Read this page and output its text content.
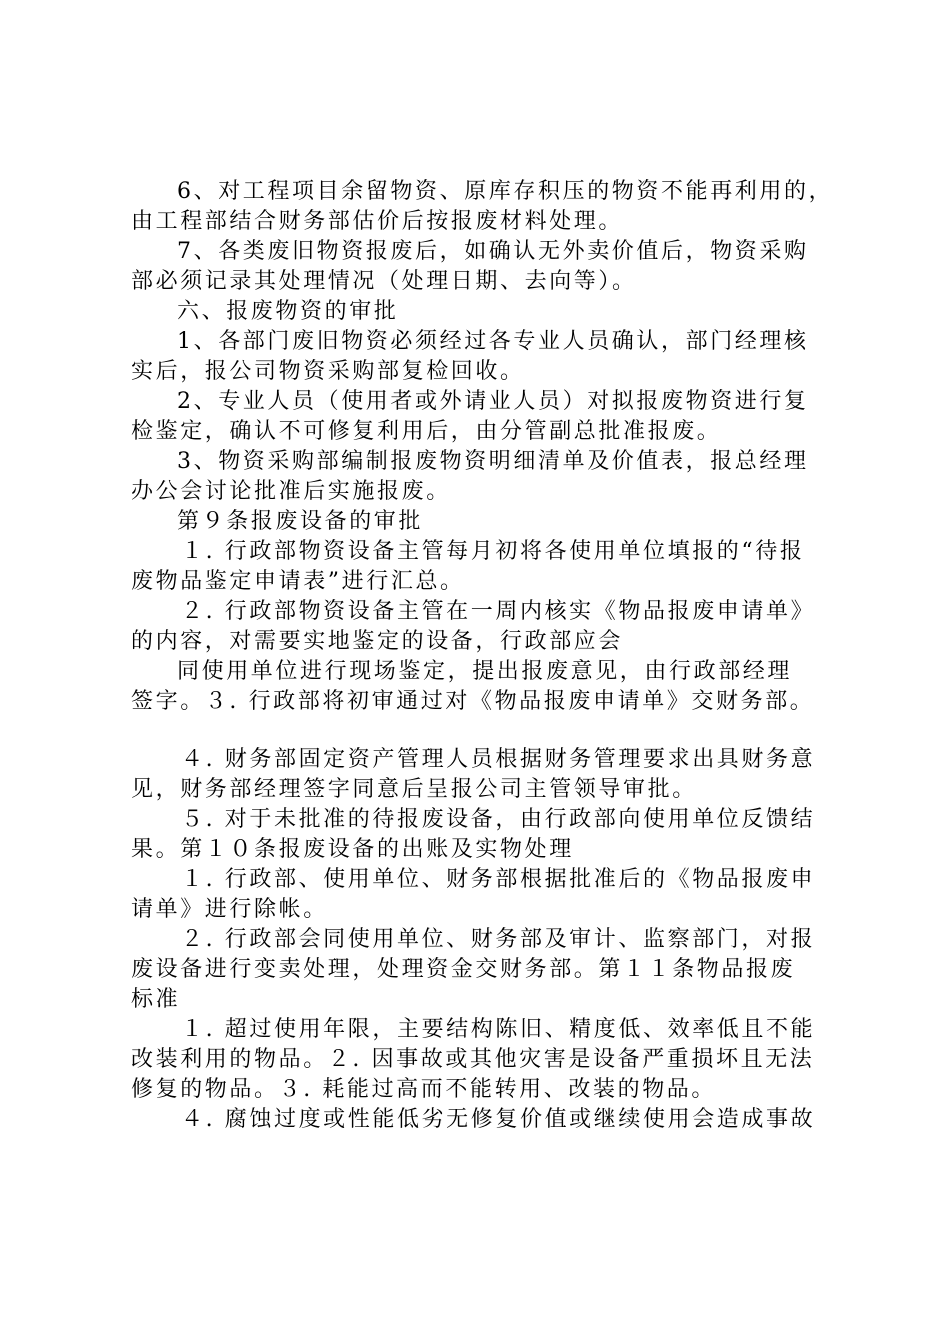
6、对工程项目余留物资、原库存积压的物资不能再利用的，
由工程部结合财务部估价后按报废材料处理。
7、各类废旧物资报废后，如确认无外卖价值后，物资采购
部必须记录其处理情况（处理日期、去向等）。
六、报废物资的审批
1、各部门废旧物资必须经过各专业人员确认，部门经理核
实后，报公司物资采购部复检回收。
2、专业人员（使用者或外请业人员）对拟报废物资进行复
检鉴定，确认不可修复利用后，由分管副总批准报废。
3、物资采购部编制报废物资明细清单及价值表，报总经理
办公会讨论批准后实施报废。
第９条报废设备的审批
１. 行政部物资设备主管每月初将各使用单位填报的“待报
废物品鉴定申请表”进行汇总。
２. 行政部物资设备主管在一周内核实《物品报废申请单》
的内容，对需要实地鉴定的设备，行政部应会
同使用单位进行现场鉴定，提出报废意见，由行政部经理
签字。３. 行政部将初审通过对《物品报废申请单》交财务部。
４. 财务部固定资产管理人员根据财务管理要求出具财务意
见，财务部经理签字同意后呈报公司主管领导审批。
５. 对于未批准的待报废设备，由行政部向使用单位反馈结
果。第１０条报废设备的出账及实物处理
１. 行政部、使用单位、财务部根据批准后的《物品报废申
请单》进行除帐。
２. 行政部会同使用单位、财务部及审计、监察部门，对报
废设备进行变卖处理，处理资金交财务部。第１１条物品报废
标准
１. 超过使用年限，主要结构陈旧、精度低、效率低且不能
改装利用的物品。２. 因事故或其他灾害是设备严重损坏且无法
修复的物品。３. 耗能过高而不能转用、改装的物品。
４. 腐蚀过度或性能低劣无修复价值或继续使用会造成事故
